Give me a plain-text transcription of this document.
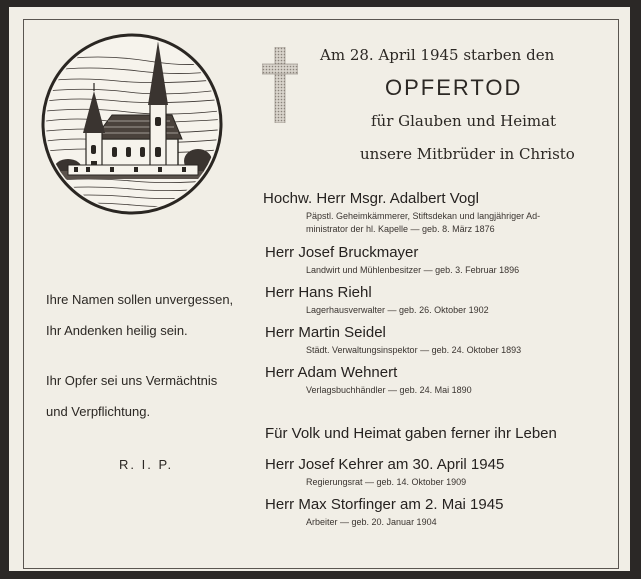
Am 28. April 1945 starben den
OPFERTOD
für Glauben und Heimat
unsere Mitbrüder in Christo
Hochw. Herr Msgr. Adalbert Vogl
Päpstl. Geheimkämmerer, Stiftsdekan und langjähriger Ad-
ministrator der hl. Kapelle — geb. 8. März 1876
Herr Josef Bruckmayer
Landwirt und Mühlenbesitzer — geb. 3. Februar 1896
Herr Hans Riehl
Lagerhausverwalter — geb. 26. Oktober 1902
Herr Martin Seidel
Städt. Verwaltungsinspektor — geb. 24. Oktober 1893
Herr Adam Wehnert
Verlagsbuchhändler — geb. 24. Mai 1890
Für Volk und Heimat gaben ferner ihr Leben
Herr Josef Kehrer am 30. April 1945
Regierungsrat — geb. 14. Oktober 1909
Herr Max Storfinger am 2. Mai 1945
Arbeiter — geb. 20. Januar 1904
Ihre Namen sollen unvergessen,
Ihr Andenken heilig sein.
Ihr Opfer sei uns Vermächtnis
und Verpflichtung.
R. I. P.
